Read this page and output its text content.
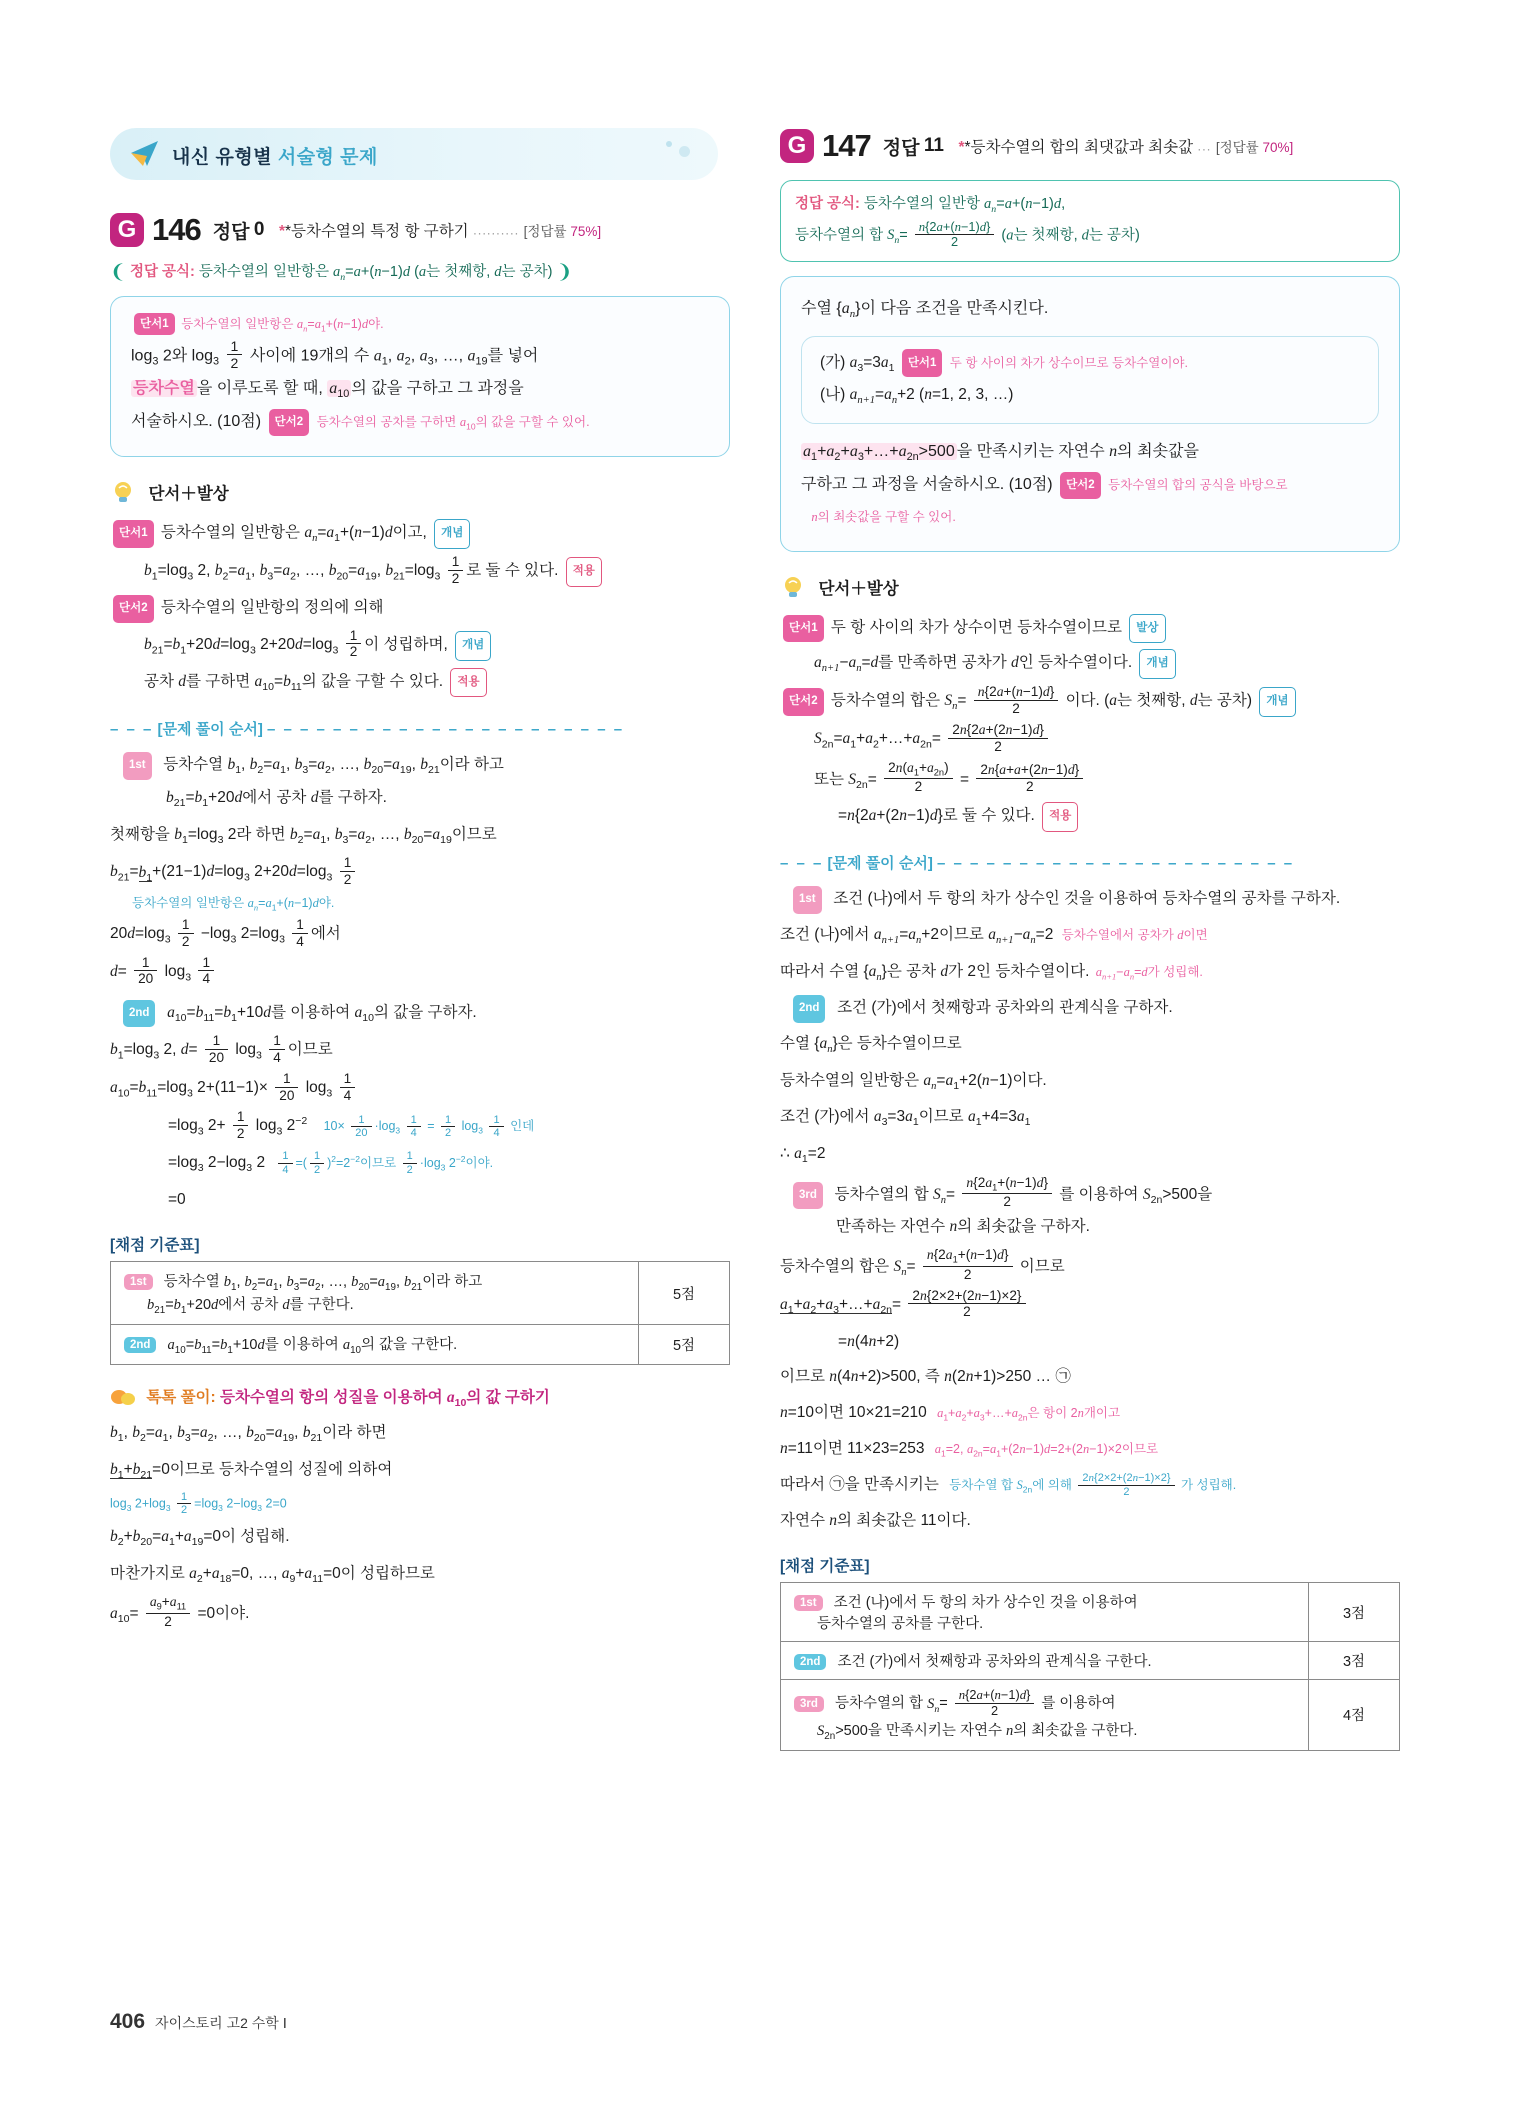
내신 유형별 서술형 문제
G 146 정답 0 **등차수열의 특정 항 구하기 .......... [정답률 75%]
❨ 정답 공식: 등차수열의 일반항은 $a_n=a+(n-1)d$ (a는 첫째항, d는 공차) ❩
단서1 등차수열의 일반항은 $a_n=a_1+(n-1)d$야.
$\log_3 2$와 $\log_3 \frac{1}{2}$ 사이에 19개의 수 $a_1$, $a_2$, $a_3$, …, $a_{19}$를 넣어
등차수열 을 이루도록 할 때, $a_{10}$ 의 값을 구하고 그 과정을
서술하시오. (10점) 단서2 등차수열의 공차를 구하면 $a_{10}$의 값을 구할 수 있어.
단서＋발상
단서1 등차수열의 일반항은 $a_n=a_1+(n-1)d$이고, 개념
$b_1=\log_3$ 2, $b_2=a_1$, $b_3=a_2$, …, $b_{20}=a_{19}$, $b_{21}=\log_3 \frac{1}{2}$ 로 둘 수 있다. 적용
단서2 등차수열의 일반항의 정의에 의해
$b_{21}=b_1+20d=\log_3$ $2+20d=\log_3 \frac{1}{2}$ 이 성립하며, 개념
공차 d를 구하면 $a_{10}=b_{11}$의 값을 구할 수 있다. 적용
– – – [문제 풀이 순서] – – – – – – – – – – – – – – – – – – – – – –
1st  등차수열 $b_1$, $b_2=a_1$, $b_3=a_2$, …, $b_{20}=a_{19}$, $b_{21}$이라 하고
$b_{21}=b_1+20d$에서 공차 d를 구하자.
첫째항을 $b_1=\log_3$ 2라 하면 $b_2=a_1$, $b_3=a_2$, …, $b_{20}=a_{19}$이므로
$b_{21}=b_1+(21-1)d=\log_3$ $2+20d=\log_3 \frac{1}{2}$
등차수열의 일반항은 $a_n=a_1+(n-1)d$야.
$20d=\log_3 \frac{1}{2} -\log_3$ $2=\log_3 \frac{1}{4}$ 에서
$d= \frac{1}{20} \log_3 \frac{1}{4}$
2nd $a_{10}=b_{11}=b_1+10d$를 이용하여 $a_{10}$의 값을 구하자.
$b_1=\log_3$ 2, $d= \frac{1}{20} \log_3 \frac{1}{4}$ 이므로
$a_{10}=b_{11}=\log_3$ $2+(11-1)\times \frac{1}{20} \log_3 \frac{1}{4}$
$=\log_3$ $2+ \frac{1}{2} \log_3 2^{-2}$ $10\times \frac{1}{20} \cdot\log_3 \frac{1}{4} = \frac{1}{2} \log_3 \frac{1}{4}$ 인데
$=\log_3$ $2-\log_3$ $2 \frac{1}{4}$ =( $\frac{1}{2} )^2=2^{-2}$이므로 $\frac{1}{2} \cdot\log_3$ $2^{-2}$이야.
=0
[채점 기준표]
1st  등차수열 $b_1$, $b_2=a_1$, $b_3=a_2$, …, $b_{20}=a_{19}$, $b_{21}$이라 하고
$b_{21}=b_1+20d$에서 공차 d를 구한다.	5점
2nd $a_{10}=b_{11}=b_1+10d$를 이용하여 $a_{10}$의 값을 구한다.	5점
톡톡 풀이: 등차수열의 항의 성질을 이용하여 $a_{10}$의 값 구하기
$b_1$, $b_2=a_1$, $b_3=a_2$, …, $b_{20}=a_{19}$, $b_{21}$이라 하면
$b_1+b_{21}=0$이므로 등차수열의 성질에 의하여
$\log_3 2+\log_3 \frac{1}{2} =\log_3$ $2-\log_3$ 2=0
$b_2+b_{20}=a_1+a_{19}=0$이 성립해.
마찬가지로 $a_2+a_{18}=0$, …, $a_9+a_{11}=0$이 성립하므로
$a_{10}= \frac{a_9+a_{11}}{2} =0$이야.
G 147 정답 11 **등차수열의 합의 최댓값과 최솟값 ... [정답률 70%]
정답 공식: 등차수열의 일반항 $a_n=a+(n-1)d$,
등차수열의 합 $S_n= \frac{n\{2a+(n-1)d\}}{2} (a$는 첫째항, d는 공차)
수열 $\{a_n\}$이 다음 조건을 만족시킨다.
(가) $a_3=3a_1$ 단서1 두 항 사이의 차가 상수이므로 등차수열이야.
(나) $a_{n+1}=a_n+2$ (n=1, 2, 3, …)
$a_1+a_2+a_3+\dots+a_{2n}>500$ 을 만족시키는 자연수 n의 최솟값을
구하고 그 과정을 서술하시오. (10점) 단서2 등차수열의 합의 공식을 바탕으로
n의 최솟값을 구할 수 있어.
단서＋발상
단서1 두 항 사이의 차가 상수이면 등차수열이므로 발상
$a_{n+1}-a_n=d$를 만족하면 공차가 d인 등차수열이다. 개념
단서2 등차수열의 합은 $S_n= \frac{n\{2a+(n-1)d\}}{2}$ 이다. (a는 첫째항, d는 공차) 개념
$S_{2n}=a_1+a_2+\dots+a_{2n}= \frac{2n\{2a+(2n-1)d\}}{2}$
또는 $S_{2n}= \frac{2n(a_1+a_{2n})}{2} = \frac{2n\{a+a+(2n-1)d\}}{2}$
=n{2a+(2n−1)d}로 둘 수 있다. 적용
– – – [문제 풀이 순서] – – – – – – – – – – – – – – – – – – – – – –
1st  조건 (나)에서 두 항의 차가 상수인 것을 이용하여 등차수열의 공차를 구하자.
조건 (나)에서 $a_{n+1}=a_n+2$이므로 $a_{n+1}-a_n=2$ 등차수열에서 공차가 d이면
따라서 수열 $\{a_n\}$은 공차 d가 2인 등차수열이다. $a_{n+1}-a_n=d$가 성립해.
2nd  조건 (가)에서 첫째항과 공차와의 관계식을 구하자.
수열 $\{a_n\}$은 등차수열이므로
등차수열의 일반항은 $a_n=a_1+2(n-1)$이다.
조건 (가)에서 $a_3=3a_1$이므로 $a_1+4=3a_1$
∴ $a_1=2$
3rd  등차수열의 합 $S_n= \frac{n\{2a_1+(n-1)d\}}{2}$ 를 이용하여 $S_{2n}>500$을
만족하는 자연수 n의 최솟값을 구하자.
등차수열의 합은 $S_n= \frac{n\{2a_1+(n-1)d\}}{2}$ 이므로
$a_1+a_2+a_3+\dots+a_{2n}= \frac{2n\{2\times 2+(2n-1)\times 2\}}{2}$
=n(4n+2)
이므로 n(4n+2)>500, 즉 n(2n+1)>250 … ㉠
n=10이면 10×21=210 $a_1+a_2+a_3+\dots+a_{2n}$은 항이 2n개이고
n=11이면 11×23=253 $a_1=2$, $a_{2n}=a_1+(2n-1)d=2+(2n-1)\times 2$이므로
따라서 ㉠을 만족시키는 등차수열 합 $S_{2n}$에 의해 $\frac{2n\{2\times 2+(2n-1)\times 2\}}{2}$ 가 성립해.
자연수 n의 최솟값은 11이다.
[채점 기준표]
1st  조건 (나)에서 두 항의 차가 상수인 것을 이용하여
등차수열의 공차를 구한다.	3점
2nd  조건 (가)에서 첫째항과 공차와의 관계식을 구한다.	3점
3rd  등차수열의 합 $S_n= \frac{n\{2a+(n-1)d\}}{2}$ 를 이용하여
$S_{2n}>500$을 만족시키는 자연수 n의 최솟값을 구한다.	4점
406 자이스토리 고2 수학 Ⅰ
